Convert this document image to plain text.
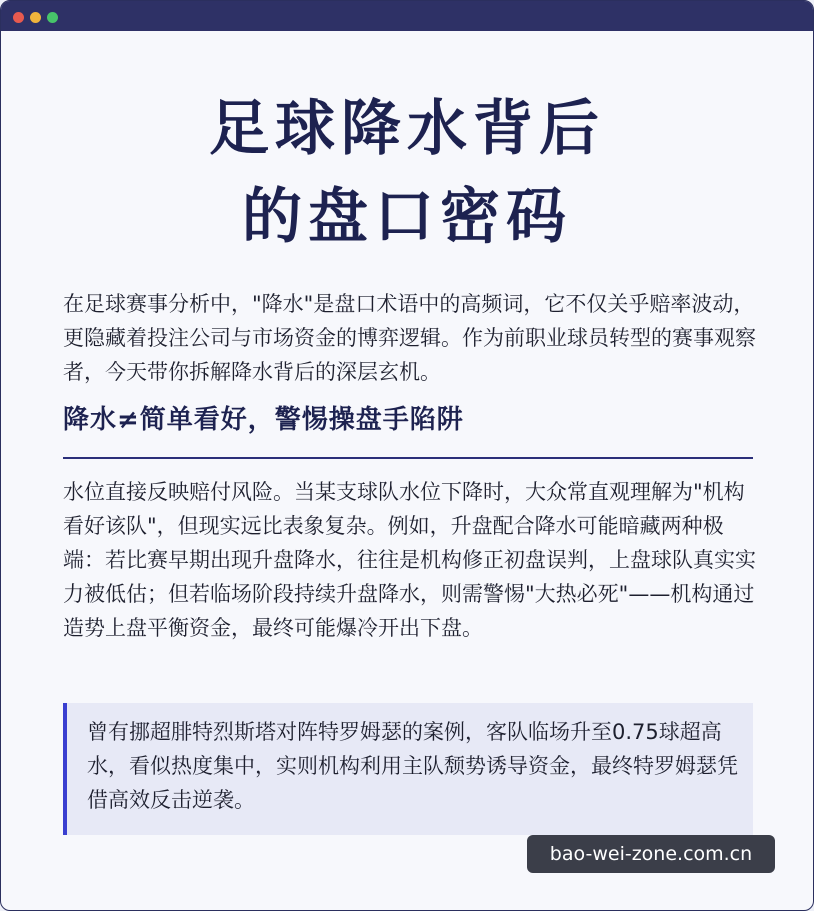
足球降水背后
的盘口密码
在足球赛事分析中，"降水"是盘口术语中的高频词，它不仅关乎赔率波动，更隐藏着投注公司与市场资金的博弈逻辑。作为前职业球员转型的赛事观察者，今天带你拆解降水背后的深层玄机。
降水≠简单看好，警惕操盘手陷阱
水位直接反映赔付风险。当某支球队水位下降时，大众常直观理解为"机构看好该队"，但现实远比表象复杂。例如，升盘配合降水可能暗藏两种极端：若比赛早期出现升盘降水，往往是机构修正初盘误判，上盘球队真实实力被低估；但若临场阶段持续升盘降水，则需警惕"大热必死"——机构通过造势上盘平衡资金，最终可能爆冷开出下盘。
曾有挪超腓特烈斯塔对阵特罗姆瑟的案例，客队临场升至0.75球超高水，看似热度集中，实则机构利用主队颓势诱导资金，最终特罗姆瑟凭借高效反击逆袭。
bao-wei-zone.com.cn
